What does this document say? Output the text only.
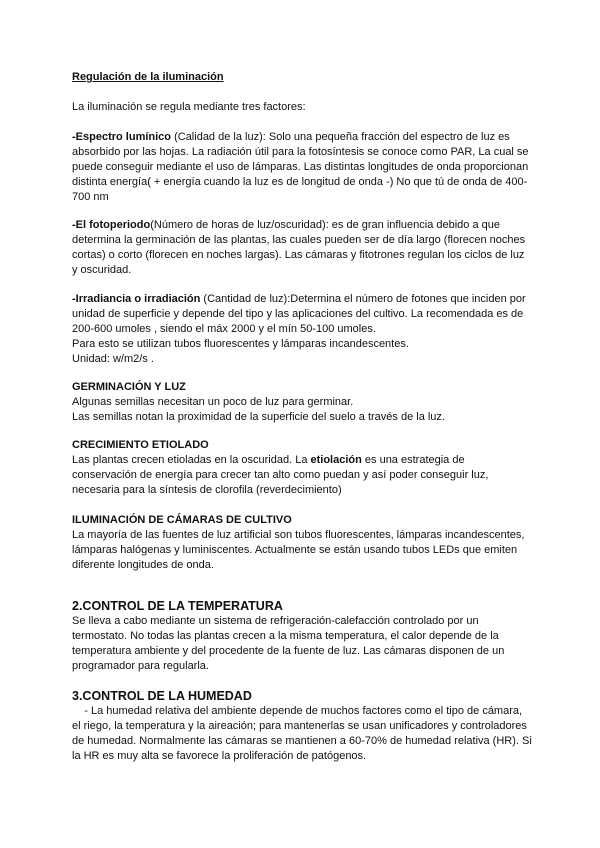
Regulación de la iluminación

La iluminación se regula mediante tres factores:

-Espectro lumínico (Calidad de la luz): Solo una pequeña fracción del espectro de luz es absorbido por las hojas. La radiación útil para la fotosíntesis se conoce como PAR, La cual se puede conseguir mediante el uso de lámparas. Las distintas longitudes de onda proporcionan distinta energía( + energía cuando la luz es de longitud de onda -) No que tú de onda de 400-700 nm

-El fotoperiodo(Número de horas de luz/oscuridad): es de gran influencia debido a que determina la germinación de las plantas, las cuales pueden ser de día largo (florecen noches cortas) o corto (florecen en noches largas). Las cámaras y fitotrones regulan los ciclos de luz y oscuridad.

-Irradiancia o irradiación (Cantidad de luz):Determina el número de fotones que inciden por unidad de superficie y depende del tipo y las aplicaciones del cultivo. La recomendada es de 200-600 umoles , siendo el máx 2000 y el mín 50-100 umoles.

Para esto se utilizan tubos fluorescentes y lámparas incandescentes.

Unidad: w/m2/s .

GERMINACIÓN Y LUZ

Algunas semillas necesitan un poco de luz para germinar.

Las semillas notan la proximidad de la superficie del suelo a través de la luz.

CRECIMIENTO ETIOLADO

Las plantas crecen etioladas en la oscuridad. La etiolación es una estrategia de conservación de energía para crecer tan alto como puedan y así poder conseguir luz, necesaria para la síntesis de clorofila (reverdecimiento)

ILUMINACIÓN DE CÁMARAS DE CULTIVO

La mayoría de las fuentes de luz artificial son tubos fluorescentes, lámparas incandescentes, lámparas halógenas y luminiscentes. Actualmente se están usando tubos LEDs que emiten diferente longitudes de onda.

2.CONTROL DE LA TEMPERATURA

Se lleva a cabo mediante un sistema de refrigeración-calefacción controlado por un termostato. No todas las plantas crecen a la misma temperatura, el calor depende de la temperatura ambiente y del procedente de la fuente de luz. Las cámaras disponen de un programador para regularla.

3.CONTROL DE LA HUMEDAD

- La humedad relativa del ambiente depende de muchos factores como el tipo de cámara, el riego, la temperatura y la aireación; para mantenerlas se usan unificadores y controladores de humedad. Normalmente las cámaras se mantienen a 60-70% de humedad relativa (HR). Si la HR es muy alta se favorece la proliferación de patógenos.
